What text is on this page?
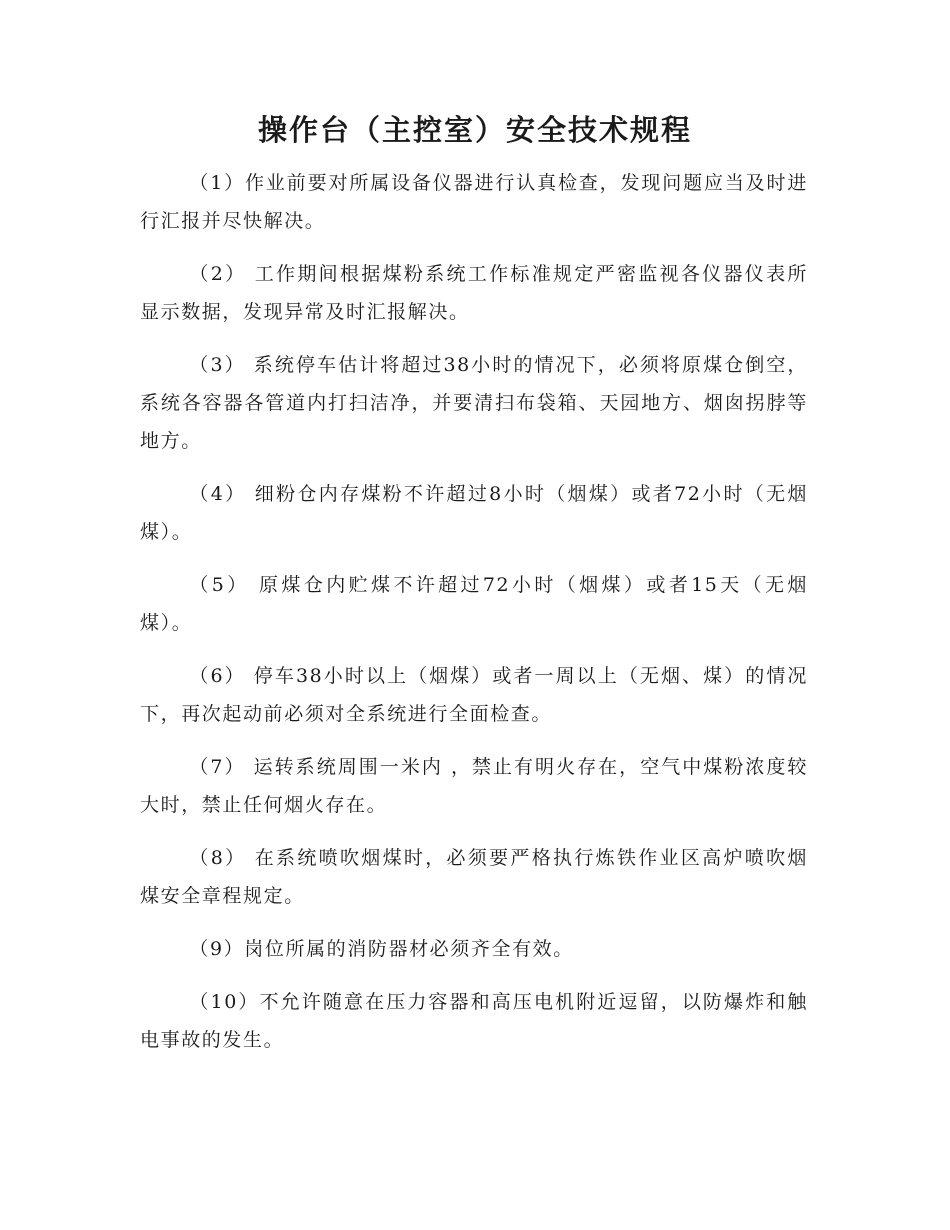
操作台（主控室）安全技术规程

（1）作业前要对所属设备仪器进行认真检查，发现问题应当及时进行汇报并尽快解决。

（2） 工作期间根据煤粉系统工作标准规定严密监视各仪器仪表所显示数据，发现异常及时汇报解决。

（3） 系统停车估计将超过38小时的情况下，必须将原煤仓倒空，系统各容器各管道内打扫洁净，并要清扫布袋箱、天园地方、烟囱拐脖等地方。

（4） 细粉仓内存煤粉不许超过8小时（烟煤）或者72小时（无烟煤）。

（5） 原煤仓内贮煤不许超过72小时（烟煤）或者15天（无烟煤）。

（6） 停车38小时以上（烟煤）或者一周以上（无烟、煤）的情况下，再次起动前必须对全系统进行全面检查。

（7） 运转系统周围一米内 ，禁止有明火存在，空气中煤粉浓度较大时，禁止任何烟火存在。

（8） 在系统喷吹烟煤时，必须要严格执行炼铁作业区高炉喷吹烟煤安全章程规定。

（9）岗位所属的消防器材必须齐全有效。

（10）不允许随意在压力容器和高压电机附近逗留，以防爆炸和触电事故的发生。
